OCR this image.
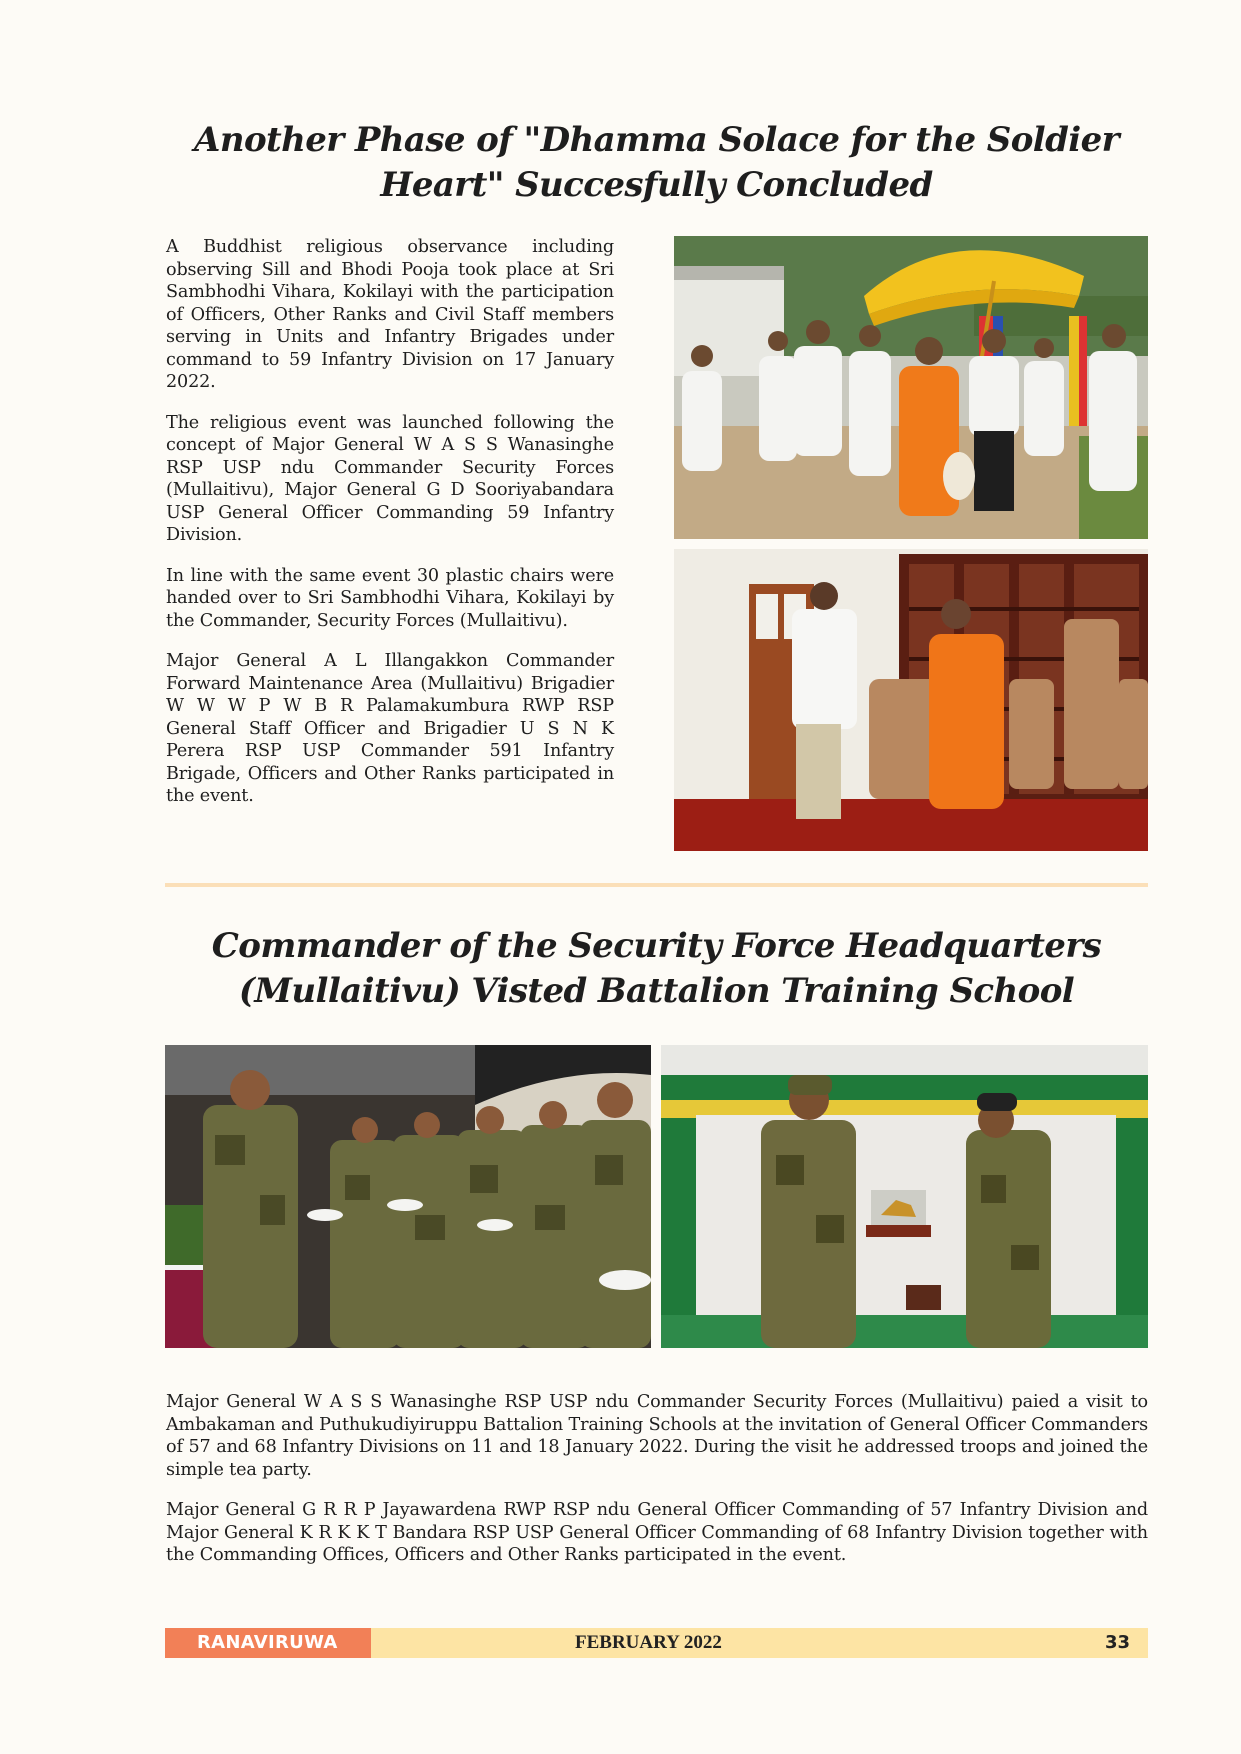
Another Phase of "Dhamma Solace for the Soldier Heart" Succesfully Concluded

A Buddhist religious observance including observing Sill and Bhodi Pooja took place at Sri Sambhodhi Vihara, Kokilayi with the participation of Officers, Other Ranks and Civil Staff members serving in Units and Infantry Brigades under command to 59 Infantry Division on 17 January 2022.

The religious event was launched following the concept of Major General W A S S Wanasinghe RSP USP ndu Commander Security Forces (Mullaitivu), Major General G D Sooriyabandara USP General Officer Commanding 59 Infantry Division.

In line with the same event 30 plastic chairs were handed over to Sri Sambhodhi Vihara, Kokilayi by the Commander, Security Forces (Mullaitivu).

Major General A L Illangakkon Commander Forward Maintenance Area (Mullaitivu) Brigadier W W W P W B R Palamakumbura RWP RSP General Staff Officer and Brigadier U S N K Perera RSP USP Commander 591 Infantry Brigade, Officers and Other Ranks participated in the event.

Commander of the Security Force Headquarters (Mullaitivu) Visted Battalion Training School

Major General W A S S Wanasinghe RSP USP ndu Commander Security Forces (Mullaitivu) paied a visit to Ambakaman and Puthukudiyiruppu Battalion Training Schools at the invitation of General Officer Commanders of 57 and 68 Infantry Divisions on 11 and 18 January 2022. During the visit he addressed troops and joined the simple tea party.

Major General G R R P Jayawardena RWP RSP ndu General Officer Commanding of 57 Infantry Division and Major General K R K K T Bandara RSP USP General Officer Commanding of 68 Infantry Division together with the Commanding Offices, Officers and Other Ranks participated in the event.

RANAVIRUWA	FEBRUARY 2022	33
